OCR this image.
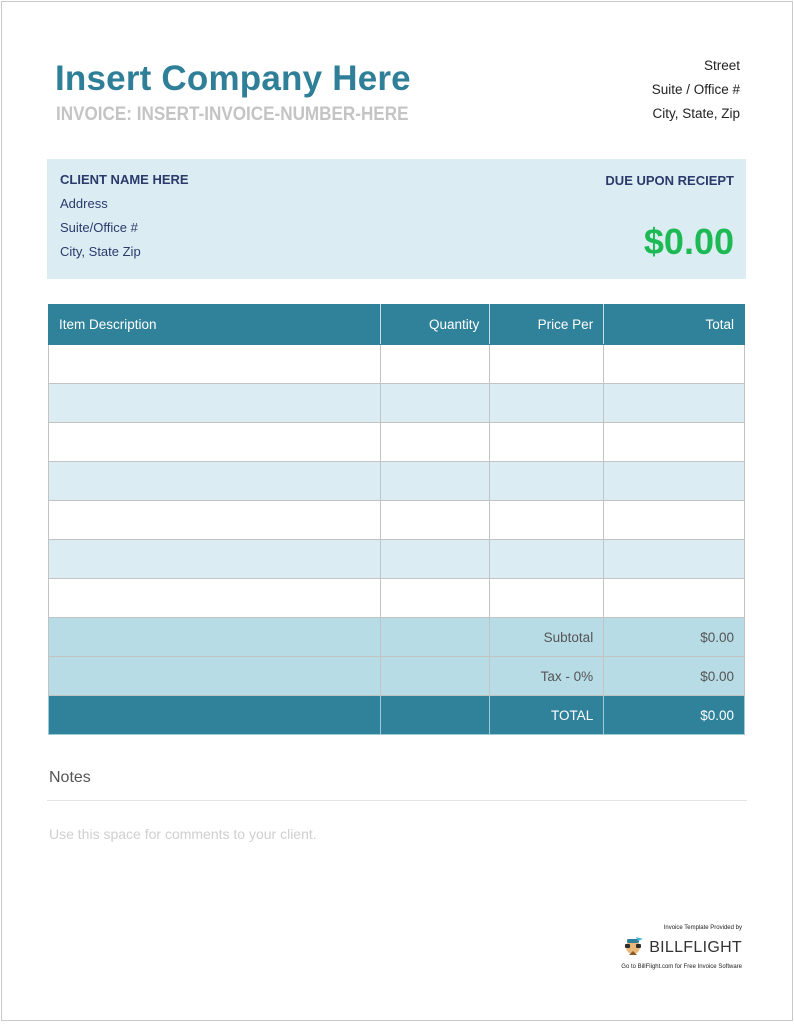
Insert Company Here
INVOICE: INSERT-INVOICE-NUMBER-HERE
Street
Suite / Office #
City, State, Zip
CLIENT NAME HERE
Address
Suite/Office #
City, State Zip
DUE UPON RECIEPT
$0.00
Item Description	Quantity	Price Per	Total

		Subtotal	$0.00
		Tax - 0%	$0.00
		TOTAL	$0.00
Notes
Use this space for comments to your client.
Invoice Template Provided by
BILLFLIGHT
Go to BillFlight.com for Free Invoice Software
